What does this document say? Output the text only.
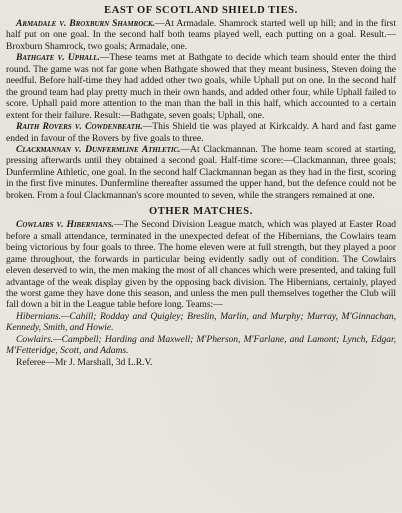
EAST OF SCOTLAND SHIELD TIES.

Armadale v. Broxburn Shamrock.—At Armadale. Shamrock started well up hill; and in the first half put on one goal. In the second half both teams played well, each putting on a goal. Result.—Broxburn Shamrock, two goals; Armadale, one.

Bathgate v. Uphall.—These teams met at Bathgate to decide which team should enter the third round. The game was not far gone when Bathgate showed that they meant business, Steven doing the needful. Before half-time they had added other two goals, while Uphall put on one. In the second half the ground team had play pretty much in their own hands, and added other four, while Uphall failed to score. Uphall paid more attention to the man than the ball in this half, which accounted to a certain extent for their failure. Result:—Bathgate, seven goals; Uphall, one.

Raith Rovers v. Cowdenbeath.—This Shield tie was played at Kirkcaldy. A hard and fast game ended in favour of the Rovers by five goals to three.

Clackmannan v. Dunfermline Athletic.—At Clackmannan. The home team scored at starting, pressing afterwards until they obtained a second goal. Half-time score:—Clackmannan, three goals; Dunfermline Athletic, one goal. In the second half Clackmannan began as they had in the first, scoring in the first five minutes. Dunfermline thereafter assumed the upper hand, but the defence could not be broken. From a foul Clackmannan's score mounted to seven, while the strangers remained at one.

OTHER MATCHES.

Cowlairs v. Hibernians.—The Second Division League match, which was played at Easter Road before a small attendance, terminated in the unexpected defeat of the Hibernians, the Cowlairs team being victorious by four goals to three. The home eleven were at full strength, but they played a poor game throughout, the forwards in particular being evidently sadly out of condition. The Cowlairs eleven deserved to win, the men making the most of all chances which were presented, and taking full advantage of the weak display given by the opposing back division. The Hibernians, certainly, played the worst game they have done this season, and unless the men pull themselves together the Club will fall down a bit in the League table before long. Teams:—

Hibernians.—Cahill; Rodday and Quigley; Breslin, Marlin, and Murphy; Murray, M'Ginnachan, Kennedy, Smith, and Howie.

Cowlairs.—Campbell; Harding and Maxwell; M'Pherson, M'Farlane, and Lamont; Lynch, Edgar, M'Fetteridge, Scott, and Adams.

Referee—Mr J. Marshall, 3d L.R.V.
